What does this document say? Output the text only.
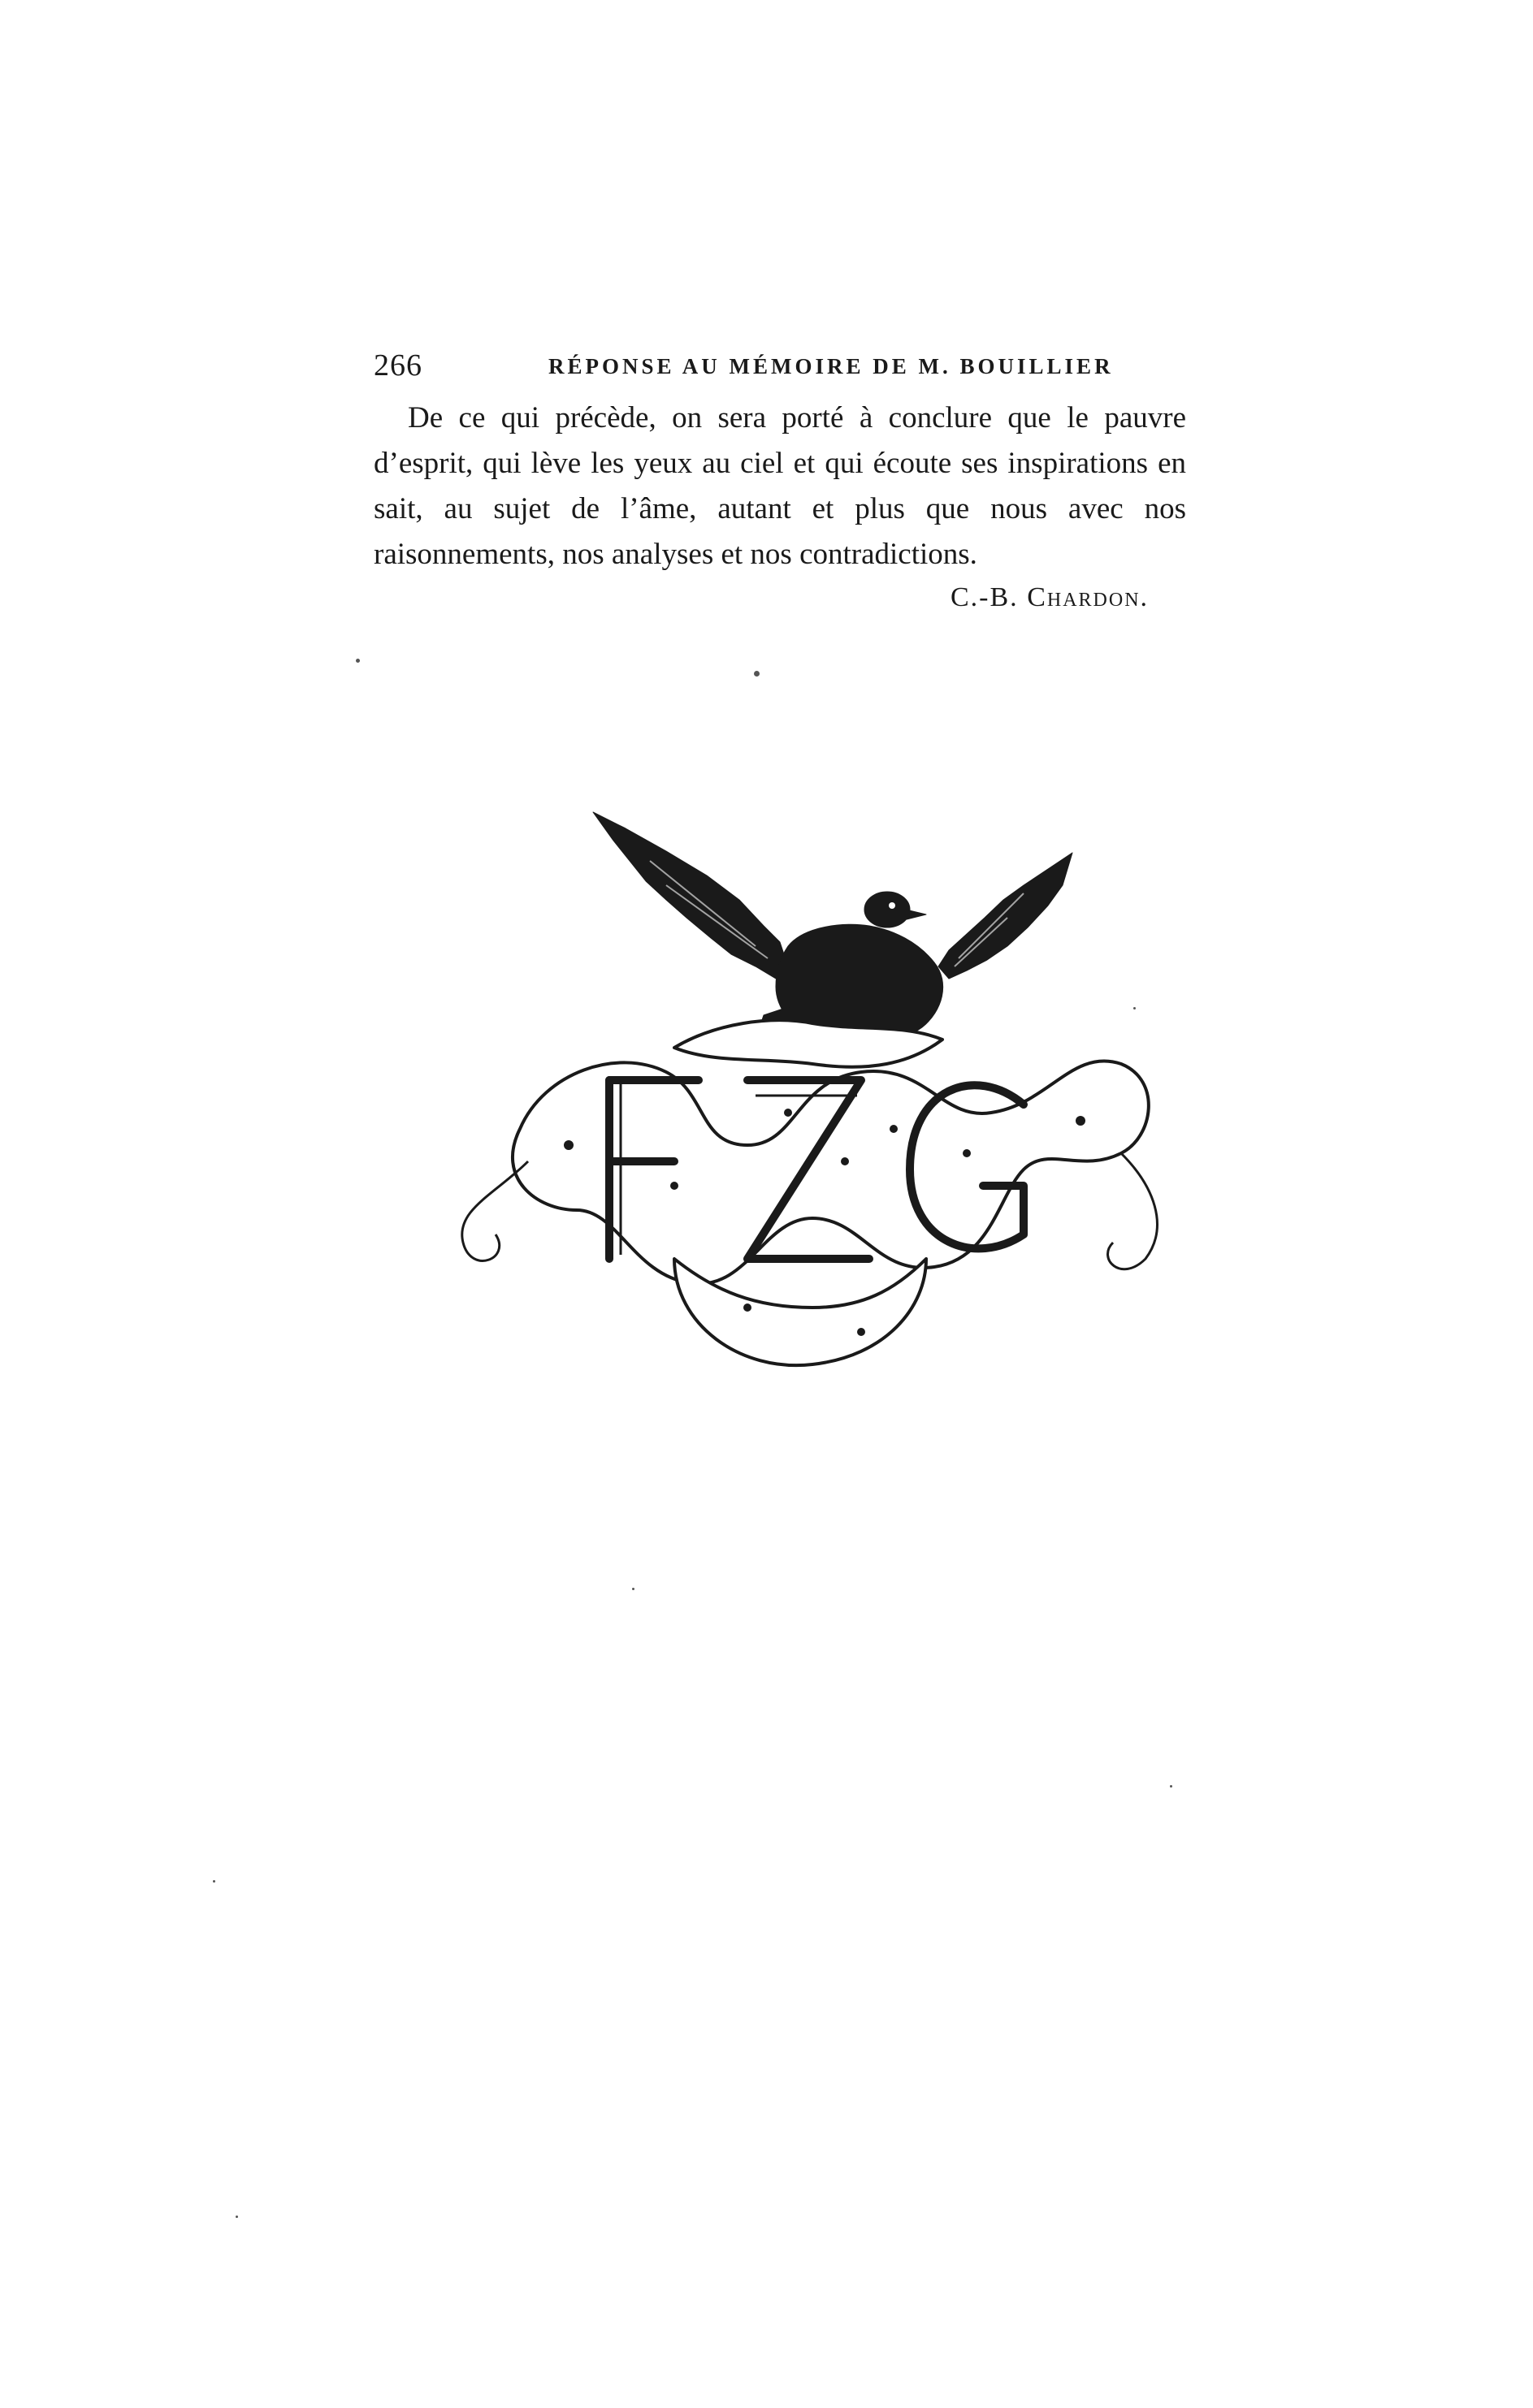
266	RÉPONSE AU MÉMOIRE DE M. BOUILLIER

De ce qui précède, on sera porté à conclure que le pauvre d’esprit, qui lève les yeux au ciel et qui écoute ses inspirations en sait, au sujet de l’âme, autant et plus que nous avec nos raisonnements, nos analyses et nos contradictions.

C.-B. Chardon.
